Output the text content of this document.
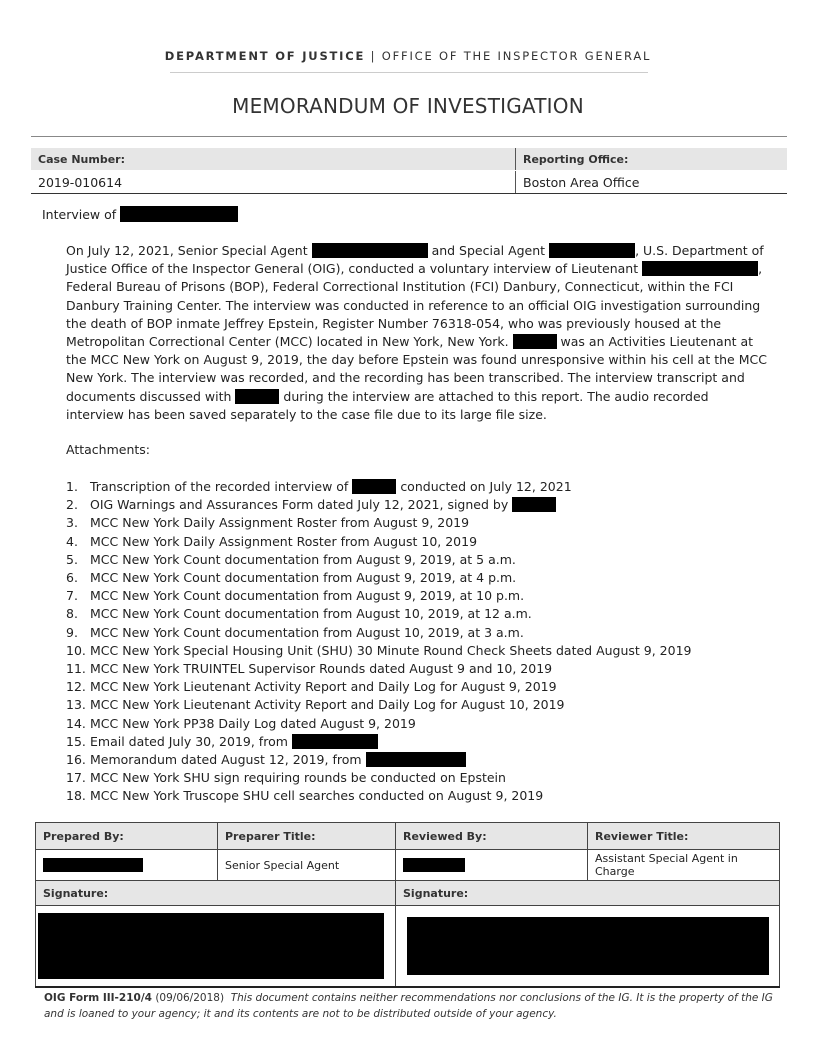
DEPARTMENT OF JUSTICE | OFFICE OF THE INSPECTOR GENERAL
MEMORANDUM OF INVESTIGATION
Case Number:	Reporting Office:
2019-010614	Boston Area Office
Interview of
On July 12, 2021, Senior Special Agent	and Special Agent	, U.S. Department of Justice Office of the Inspector General (OIG), conducted a voluntary interview of Lieutenant	, Federal Bureau of Prisons (BOP), Federal Correctional Institution (FCI) Danbury, Connecticut, within the FCI Danbury Training Center. The interview was conducted in reference to an official OIG investigation surrounding the death of BOP inmate Jeffrey Epstein, Register Number 76318-054, who was previously housed at the Metropolitan Correctional Center (MCC) located in New York, New York.	was an Activities Lieutenant at the MCC New York on August 9, 2019, the day before Epstein was found unresponsive within his cell at the MCC New York. The interview was recorded, and the recording has been transcribed. The interview transcript and documents discussed with	during the interview are attached to this report. The audio recorded interview has been saved separately to the case file due to its large file size.
Attachments:
1. Transcription of the recorded interview of	conducted on July 12, 2021
2. OIG Warnings and Assurances Form dated July 12, 2021, signed by
3. MCC New York Daily Assignment Roster from August 9, 2019
4. MCC New York Daily Assignment Roster from August 10, 2019
5. MCC New York Count documentation from August 9, 2019, at 5 a.m.
6. MCC New York Count documentation from August 9, 2019, at 4 p.m.
7. MCC New York Count documentation from August 9, 2019, at 10 p.m.
8. MCC New York Count documentation from August 10, 2019, at 12 a.m.
9. MCC New York Count documentation from August 10, 2019, at 3 a.m.
10. MCC New York Special Housing Unit (SHU) 30 Minute Round Check Sheets dated August 9, 2019
11. MCC New York TRUINTEL Supervisor Rounds dated August 9 and 10, 2019
12. MCC New York Lieutenant Activity Report and Daily Log for August 9, 2019
13. MCC New York Lieutenant Activity Report and Daily Log for August 10, 2019
14. MCC New York PP38 Daily Log dated August 9, 2019
15. Email dated July 30, 2019, from
16. Memorandum dated August 12, 2019, from
17. MCC New York SHU sign requiring rounds be conducted on Epstein
18. MCC New York Truscope SHU cell searches conducted on August 9, 2019
Prepared By:	Preparer Title:	Reviewed By:	Reviewer Title:
	Senior Special Agent		Assistant Special Agent in Charge
Signature:		Signature:	

OIG Form III-210/4 (09/06/2018) This document contains neither recommendations nor conclusions of the IG. It is the property of the IG and is loaned to your agency; it and its contents are not to be distributed outside of your agency.
